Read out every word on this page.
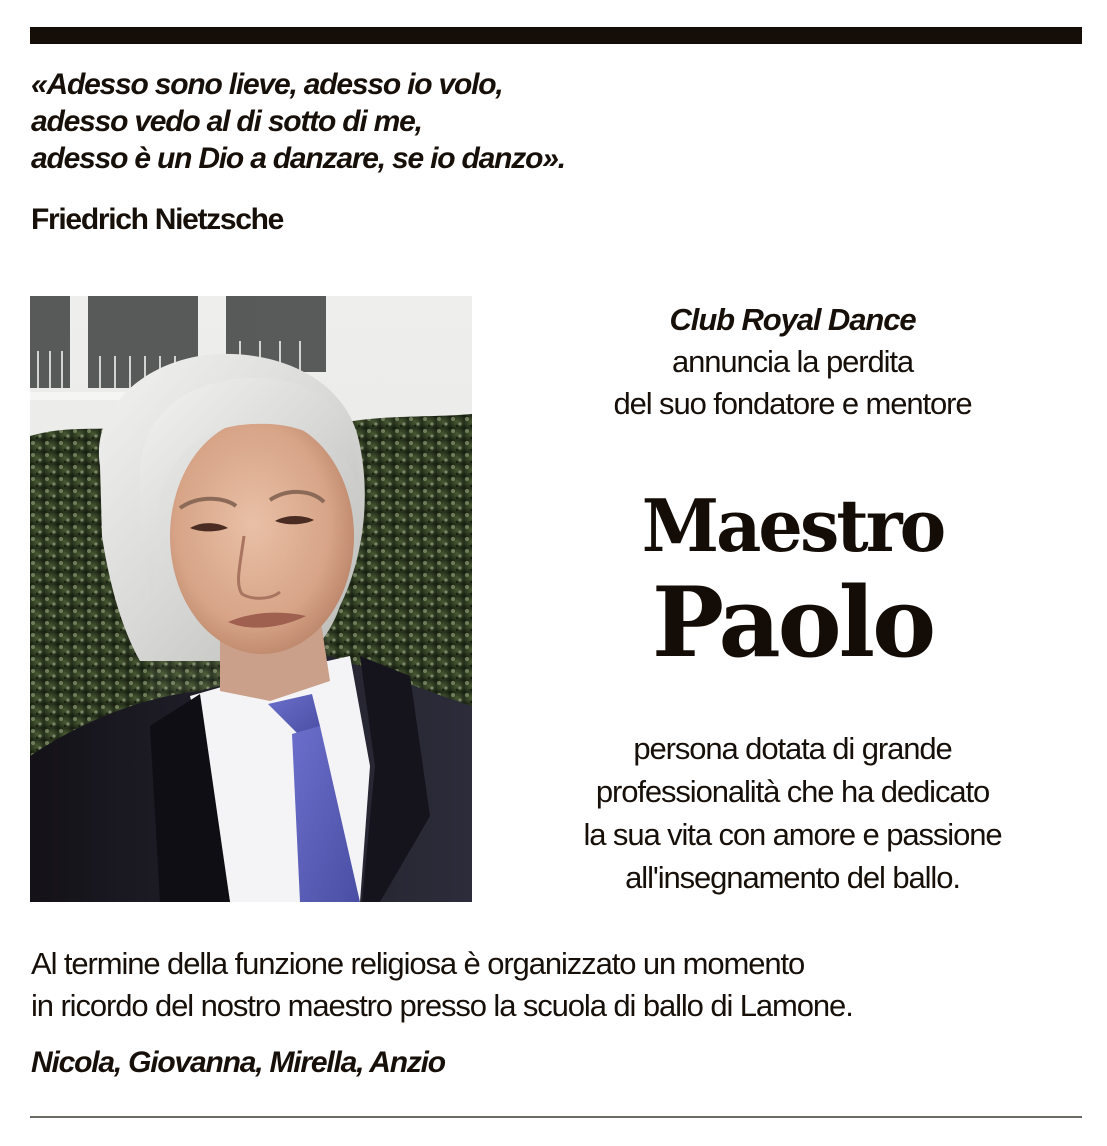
«Adesso sono lieve, adesso io volo,
adesso vedo al di sotto di me,
adesso è un Dio a danzare, se io danzo».
Friedrich Nietzsche
Club Royal Dance
annuncia la perdita
del suo fondatore e mentore
Maestro
Paolo
persona dotata di grande
professionalità che ha dedicato
la sua vita con amore e passione
all'insegnamento del ballo.
Al termine della funzione religiosa è organizzato un momento
in ricordo del nostro maestro presso la scuola di ballo di Lamone.
Nicola, Giovanna, Mirella, Anzio
